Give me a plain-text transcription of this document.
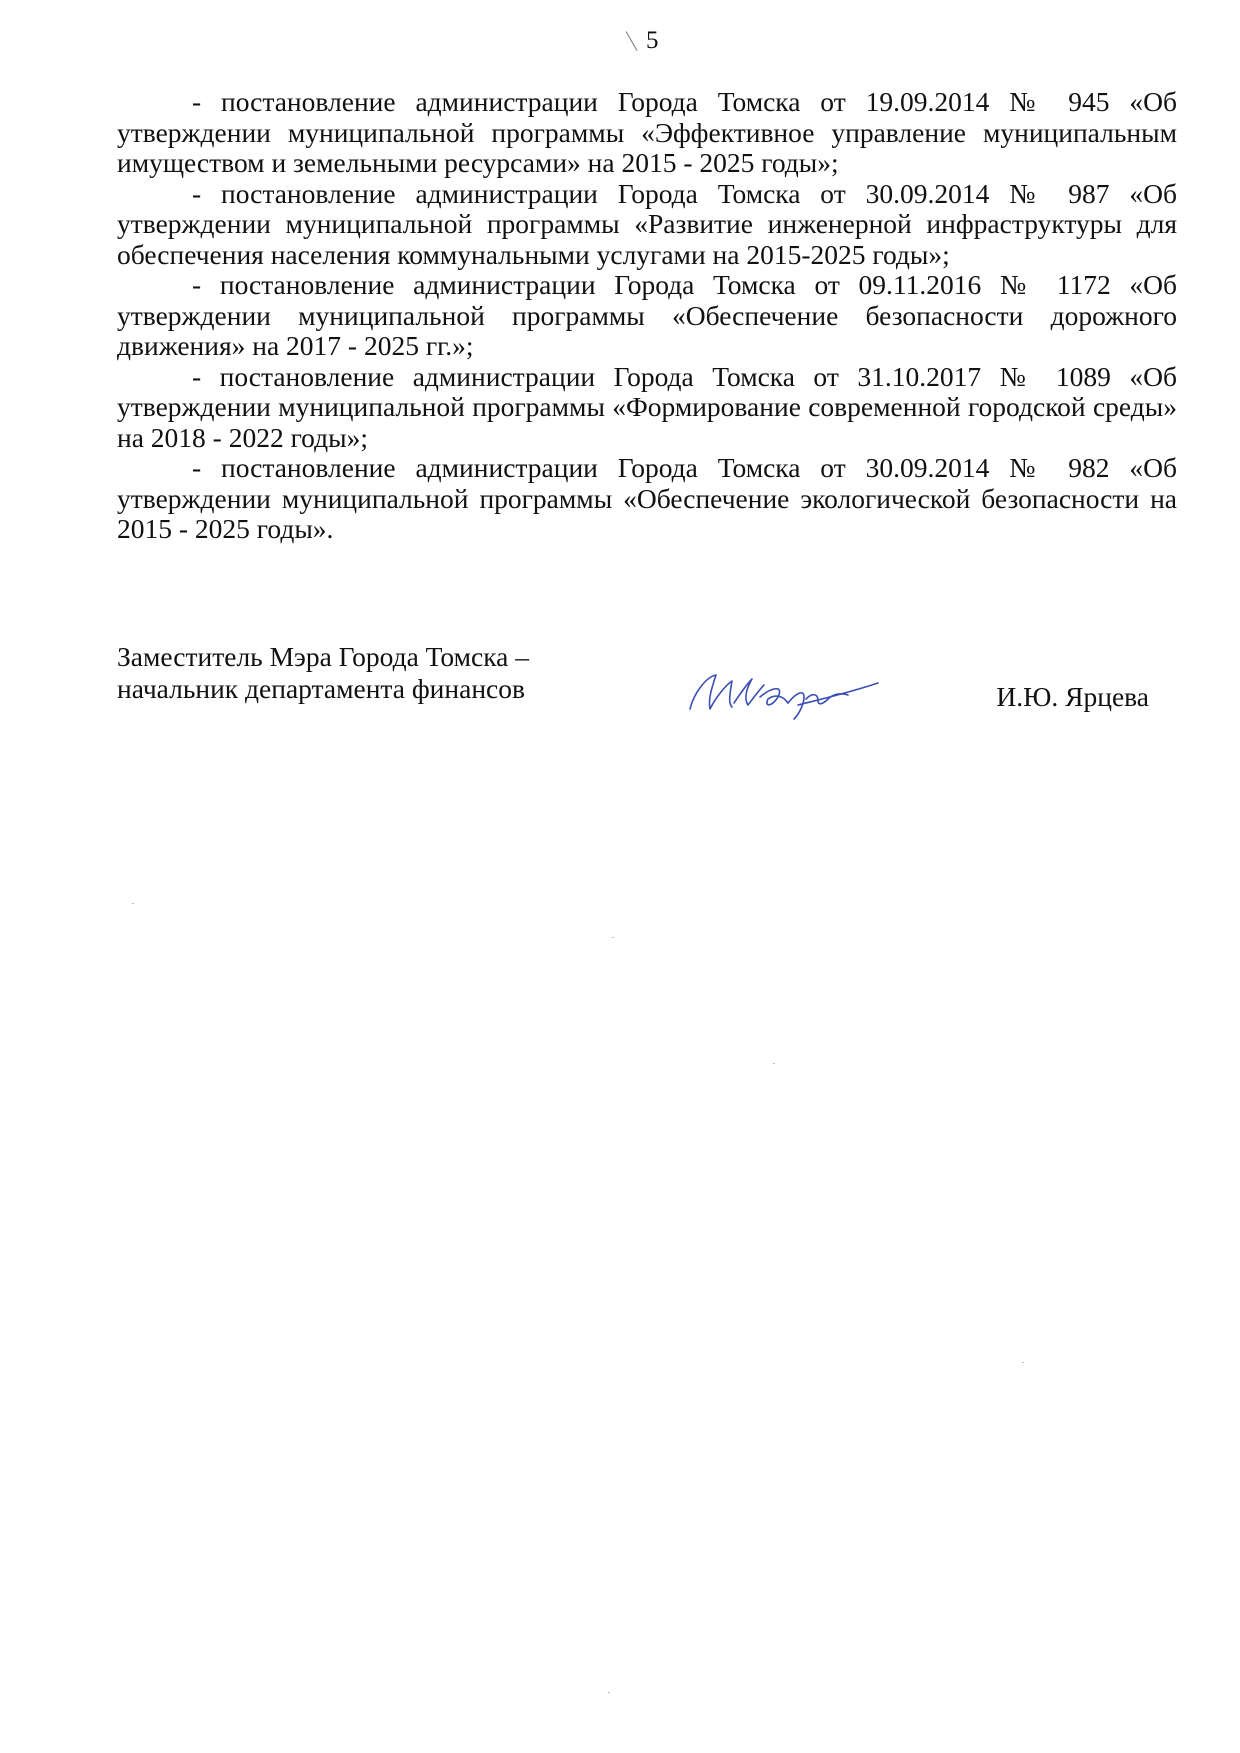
5

- постановление администрации Города Томска от 19.09.2014 № 945 «Об утверждении муниципальной программы «Эффективное управление муниципальным имуществом и земельными ресурсами» на 2015 - 2025 годы»;

- постановление администрации Города Томска от 30.09.2014 № 987 «Об утверждении муниципальной программы «Развитие инженерной инфраструктуры для обеспечения населения коммунальными услугами на 2015-2025 годы»;

- постановление администрации Города Томска от 09.11.2016 № 1172 «Об утверждении муниципальной программы «Обеспечение безопасности дорожного движения» на 2017 - 2025 гг.»;

- постановление администрации Города Томска от 31.10.2017 № 1089 «Об утверждении муниципальной программы «Формирование современной городской среды» на 2018 - 2022 годы»;

- постановление администрации Города Томска от 30.09.2014 № 982 «Об утверждении муниципальной программы «Обеспечение экологической безопасности на 2015 - 2025 годы».

Заместитель Мэра Города Томска –
начальник департамента финансов	И.Ю. Ярцева
